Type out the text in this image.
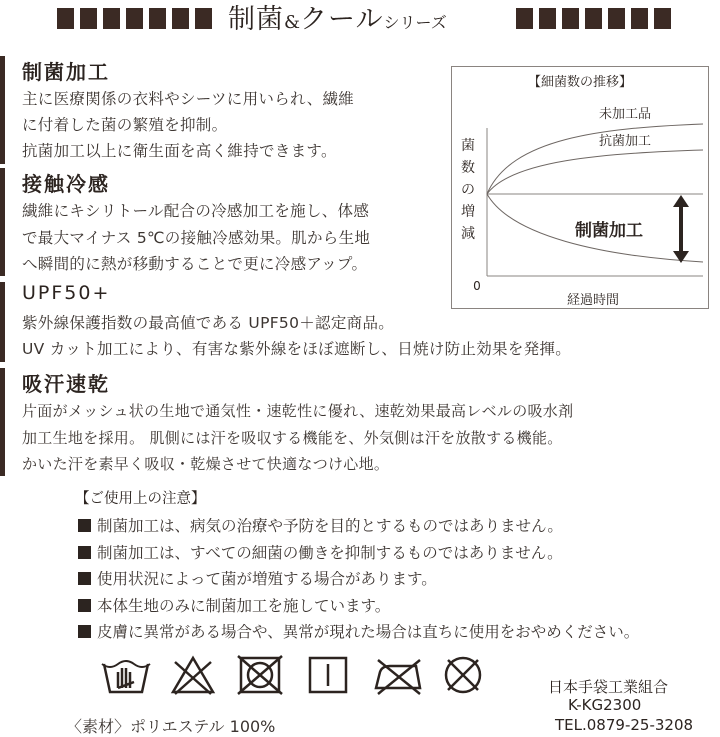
制菌&クールシリーズ
制菌加工
主に医療関係の衣料やシーツに用いられ、繊維
に付着した菌の繁殖を抑制。
抗菌加工以上に衛生面を高く維持できます。
接触冷感
繊維にキシリトール配合の冷感加工を施し、体感
で最大マイナス 5℃の接触冷感効果。肌から生地
へ瞬間的に熱が移動することで更に冷感アップ。
UPF50+
紫外線保護指数の最高値である UPF50＋認定商品。
UV カット加工により、有害な紫外線をほぼ遮断し、日焼け防止効果を発揮。
吸汗速乾
片面がメッシュ状の生地で通気性・速乾性に優れ、速乾効果最高レベルの吸水剤
加工生地を採用。 肌側には汗を吸収する機能を、外気側は汗を放散する機能。
かいた汗を素早く吸収・乾燥させて快適なつけ心地。
【細菌数の推移】
菌
数
の
増
減
0
経過時間
未加工品
抗菌加工
制菌加工
【ご使用上の注意】
制菌加工は、病気の治療や予防を目的とするものではありません。
制菌加工は、すべての細菌の働きを抑制するものではありません。
使用状況によって菌が増殖する場合があります。
本体生地のみに制菌加工を施しています。
皮膚に異常がある場合や、異常が現れた場合は直ちに使用をおやめください。
〈素材〉ポリエステル 100%
日本手袋工業組合
K-KG2300
TEL.0879-25-3208
